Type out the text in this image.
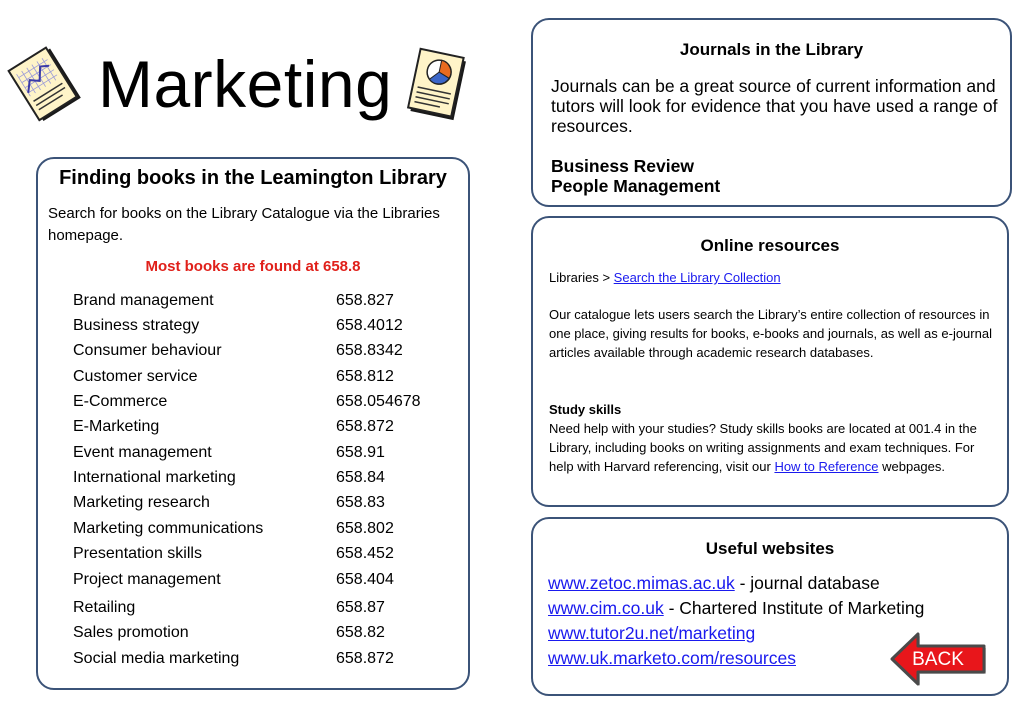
Marketing
Finding books in the Leamington Library
Search for books on the Library Catalogue via the Libraries homepage.
Most books are found at 658.8
Brand management	658.827
Business strategy	658.4012
Consumer behaviour	658.8342
Customer service	658.812
E-Commerce	658.054678
E-Marketing	658.872
Event management	658.91
International marketing	658.84
Marketing research	658.83
Marketing communications	658.802
Presentation skills	658.452
Project management	658.404
Retailing	658.87
Sales promotion	658.82
Social media marketing	658.872
Journals in the Library
Journals can be a great source of current information and tutors will look for evidence that you have used a range of resources.
Business Review
People Management
Online resources
Libraries > Search the Library Collection
Our catalogue lets users search the Library’s entire collection of resources in one place, giving results for books, e-books and journals, as well as e-journal articles available through academic research databases.
Study skills
Need help with your studies? Study skills books are located at 001.4 in the Library, including books on writing assignments and exam techniques. For help with Harvard referencing, visit our How to Reference webpages.
Useful websites
www.zetoc.mimas.ac.uk - journal database
www.cim.co.uk - Chartered Institute of Marketing
www.tutor2u.net/marketing
www.uk.marketo.com/resources	BACK
